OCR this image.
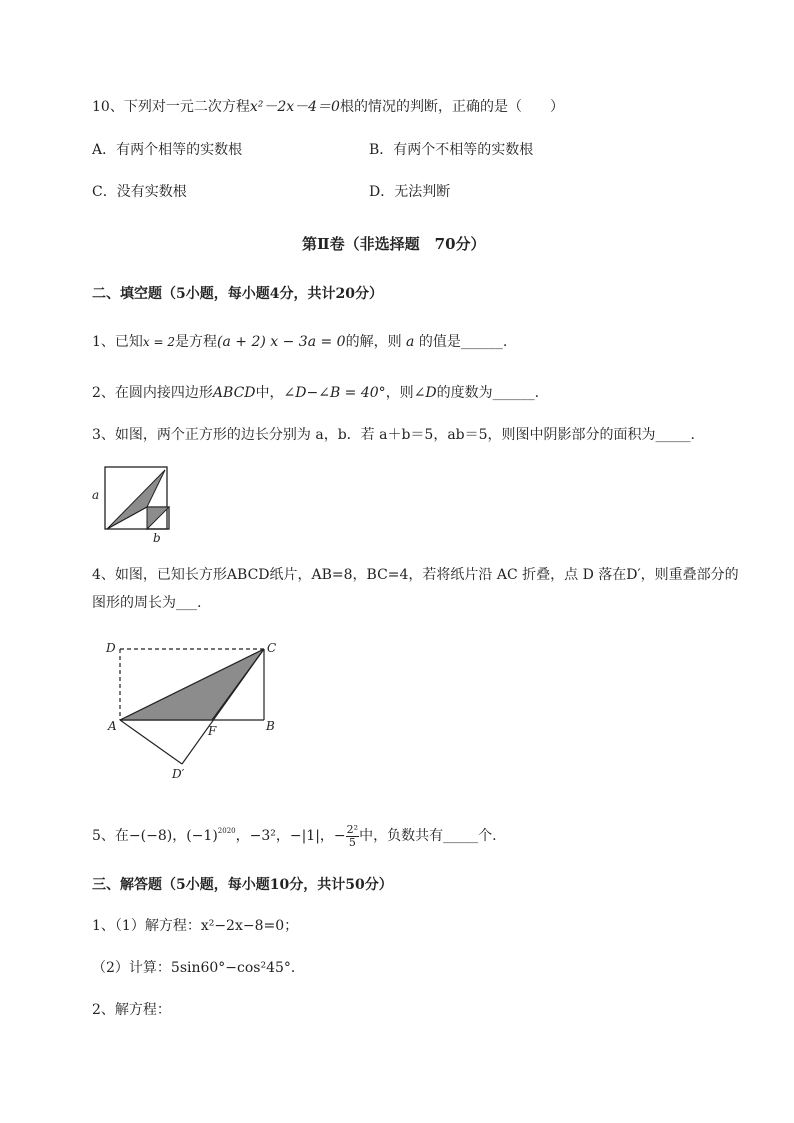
10、下列对一元二次方程x²－2x－4＝0根的情况的判断，正确的是（　　）
A．有两个相等的实数根	B．有两个不相等的实数根
C．没有实数根	D．无法判断
第Ⅱ卷（非选择题　70分）
二、填空题（5小题，每小题4分，共计20分）
1、已知x = 2是方程(a + 2) x − 3a = 0的解，则 a 的值是______.
2、在圆内接四边形ABCD中，∠D−∠B = 40°，则∠D的度数为______.
3、如图，两个正方形的边长分别为 a，b．若 a＋b＝5，ab＝5，则图中阴影部分的面积为_____.
a
b
4、如图，已知长方形ABCD纸片，AB=8，BC=4，若将纸片沿 AC 折叠，点 D 落在D′，则重叠部分的
图形的周长为___.
D	C
A	F	B
D′
5、在−(−8)，$(-1)^{2020}$，−3²，−|1|，− $\frac{\text{2²}}{5}$ 中，负数共有_____个.
三、解答题（5小题，每小题10分，共计50分）
1、（1）解方程：x²−2x−8=0；
（2）计算：5sin60°−cos²45°．
2、解方程：
